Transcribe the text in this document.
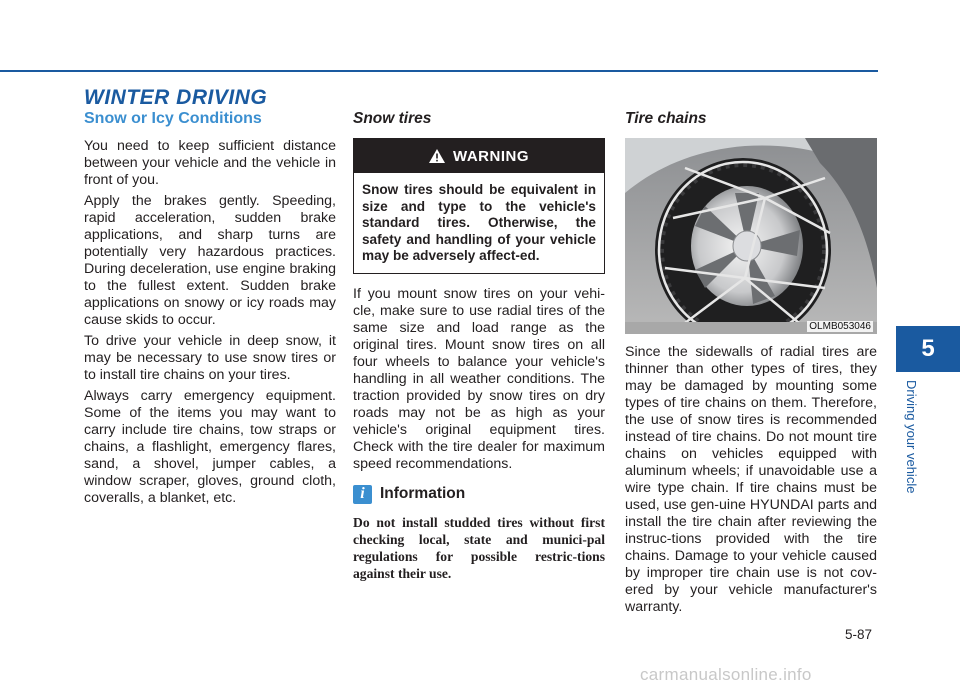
WINTER DRIVING
Snow or Icy Conditions

You need to keep sufficient distance between your vehicle and the vehicle in front of you.

Apply the brakes gently. Speeding, rapid acceleration, sudden brake applications, and sharp turns are potentially very hazardous practices. During deceleration, use engine braking to the fullest extent. Sudden brake applications on snowy or icy roads may cause skids to occur.

To drive your vehicle in deep snow, it may be necessary to use snow tires or to install tire chains on your tires.

Always carry emergency equipment. Some of the items you may want to carry include tire chains, tow straps or chains, a flashlight, emergency flares, sand, a shovel, jumper cables, a window scraper, gloves, ground cloth, coveralls, a blanket, etc.

Snow tires
WARNING
Snow tires should be equivalent in size and type to the vehicle's standard tires. Otherwise, the safety and handling of your vehicle may be adversely affect-ed.

If you mount snow tires on your vehi-cle, make sure to use radial tires of the same size and load range as the original tires. Mount snow tires on all four wheels to balance your vehicle's handling in all weather conditions. The traction provided by snow tires on dry roads may not be as high as your vehicle's original equipment tires. Check with the tire dealer for maximum speed recommendations.

i Information
Do not install studded tires without first checking local, state and munici-pal regulations for possible restric-tions against their use.
Tire chains
OLMB053046

Since the sidewalls of radial tires are thinner than other types of tires, they may be damaged by mounting some types of tire chains on them. Therefore, the use of snow tires is recommended instead of tire chains. Do not mount tire chains on vehicles equipped with aluminum wheels; if unavoidable use a wire type chain. If tire chains must be used, use gen-uine HYUNDAI parts and install the tire chain after reviewing the instruc-tions provided with the tire chains. Damage to your vehicle caused by improper tire chain use is not cov-ered by your vehicle manufacturer's warranty.

5
Driving your vehicle
5-87
carmanualsonline.info
